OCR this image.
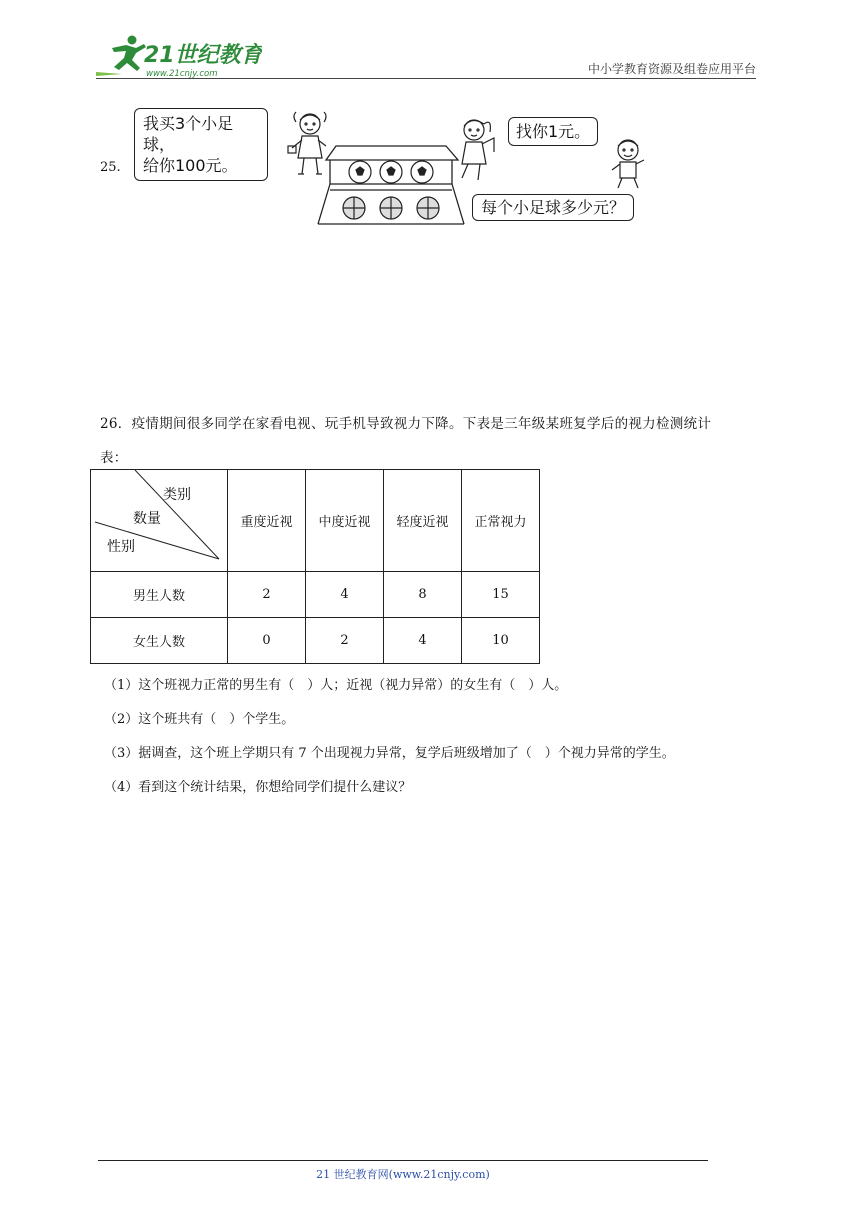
21世纪教育
www.21cnjy.com	中小学教育资源及组卷应用平台
25.
我买3个小足球，
给你100元。
找你1元。
每个小足球多少元？
26．疫情期间很多同学在家看电视、玩手机导致视力下降。下表是三年级某班复学后的视力检测统计
表：
类别
数量
性别	重度近视	中度近视	轻度近视	正常视力
男生人数	2	4	8	15
女生人数	0	2	4	10
（1）这个班视力正常的男生有（　）人；近视（视力异常）的女生有（　）人。
（2）这个班共有（　）个学生。
（3）据调查，这个班上学期只有 7 个出现视力异常，复学后班级增加了（　）个视力异常的学生。
（4）看到这个统计结果，你想给同学们提什么建议？
21 世纪教育网(www.21cnjy.com)
